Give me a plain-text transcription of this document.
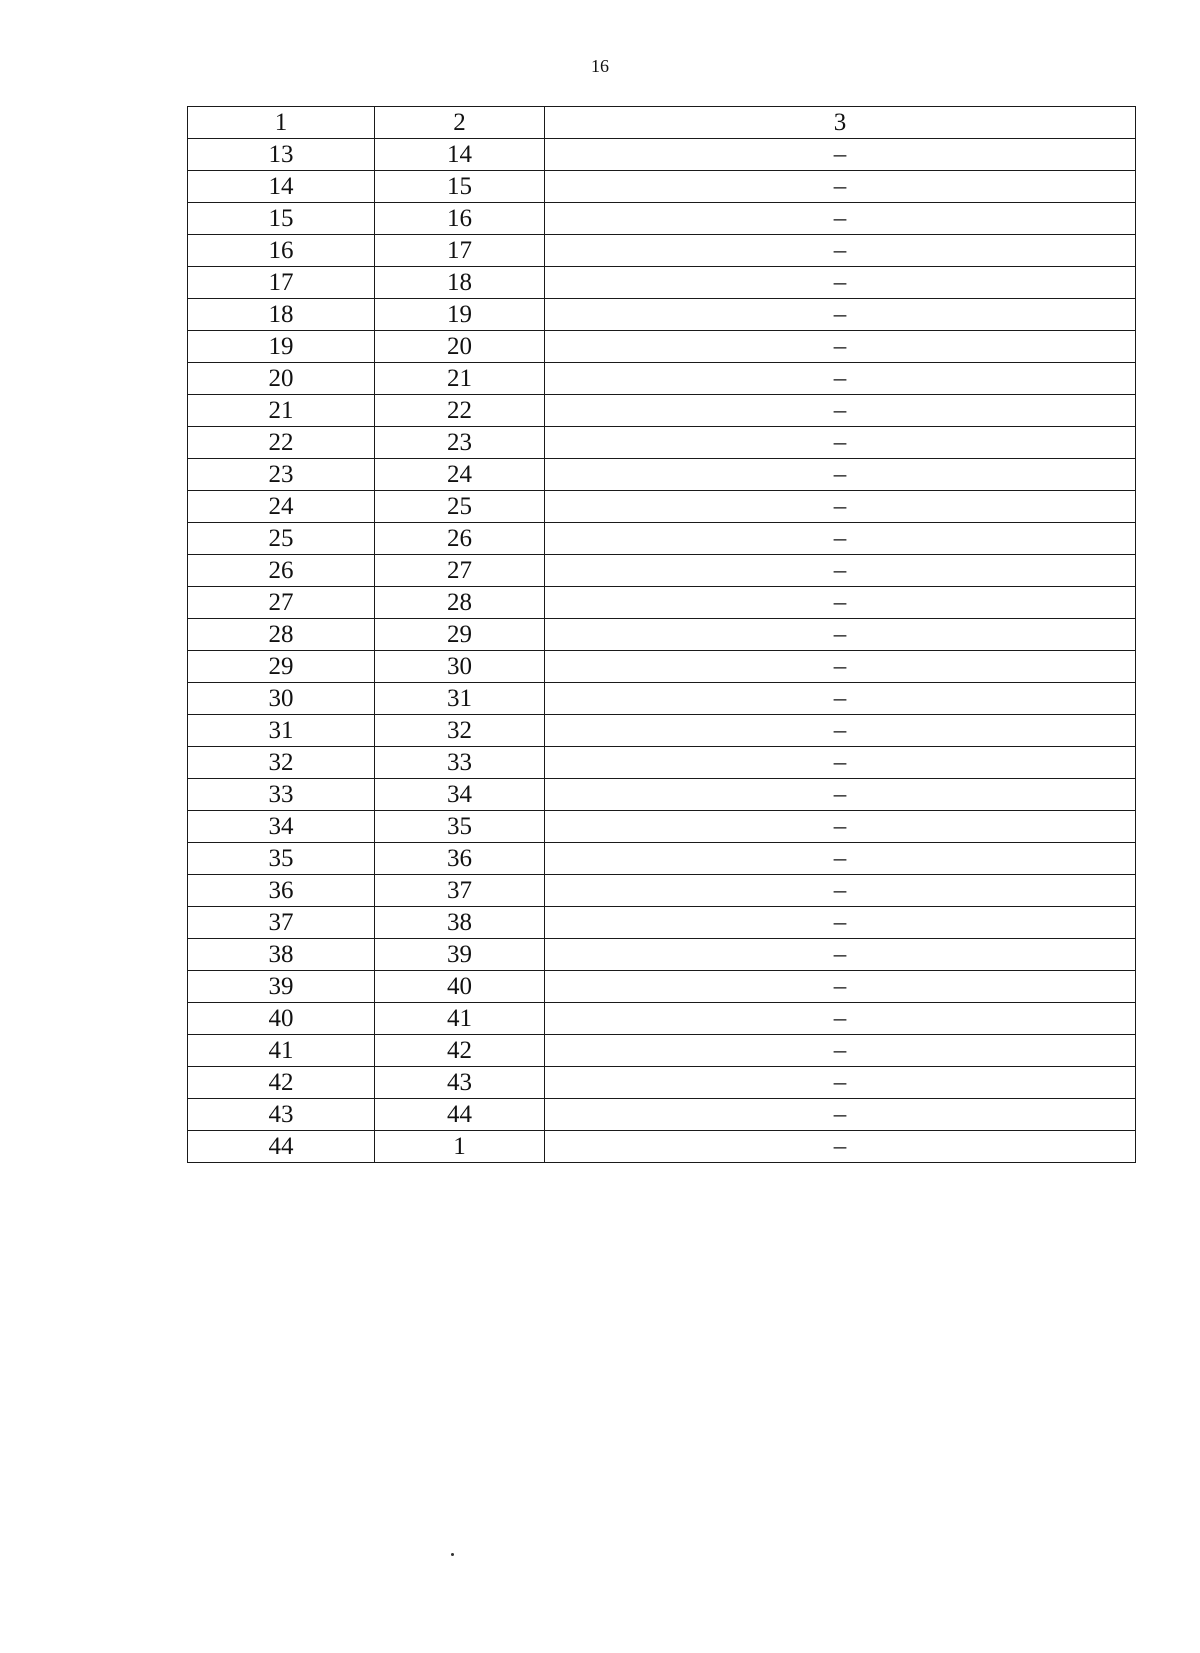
16
1	2	3
13	14	–
14	15	–
15	16	–
16	17	–
17	18	–
18	19	–
19	20	–
20	21	–
21	22	–
22	23	–
23	24	–
24	25	–
25	26	–
26	27	–
27	28	–
28	29	–
29	30	–
30	31	–
31	32	–
32	33	–
33	34	–
34	35	–
35	36	–
36	37	–
37	38	–
38	39	–
39	40	–
40	41	–
41	42	–
42	43	–
43	44	–
44	1	–
